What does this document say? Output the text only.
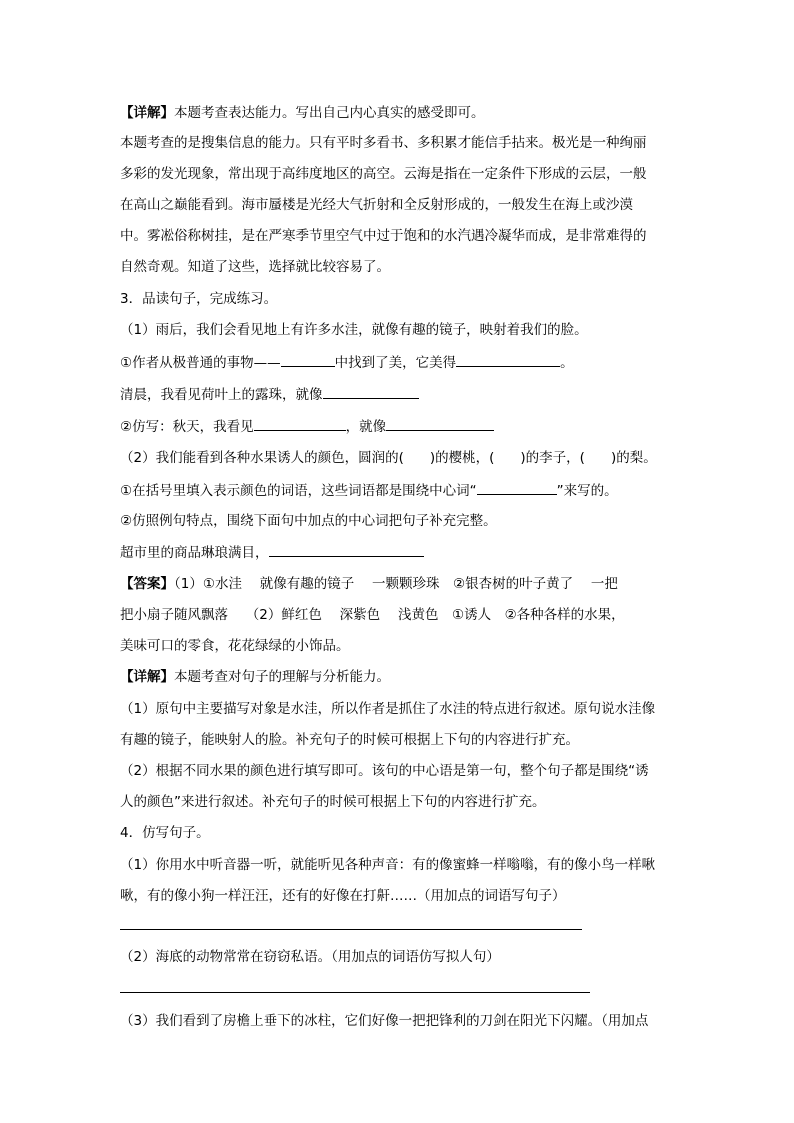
【详解】本题考查表达能力。写出自己内心真实的感受即可。
本题考查的是搜集信息的能力。只有平时多看书、多积累才能信手拈来。极光是一种绚丽
多彩的发光现象，常出现于高纬度地区的高空。云海是指在一定条件下形成的云层，一般
在高山之巅能看到。海市蜃楼是光经大气折射和全反射形成的，一般发生在海上或沙漠
中。雾凇俗称树挂，是在严寒季节里空气中过于饱和的水汽遇冷凝华而成，是非常难得的
自然奇观。知道了这些，选择就比较容易了。
3．品读句子，完成练习。
（1）雨后，我们会看见地上有许多水洼，就像有趣的镜子，映射着我们的脸。
①作者从极普通的事物——	中找到了美，它美得	。
清晨，我看见荷叶上的露珠，就像
②仿写：秋天，我看见	，就像
（2）我们能看到各种水果诱人的颜色，圆润的( )的樱桃，( )的李子，( )的梨。
①在括号里填入表示颜色的词语，这些词语都是围绕中心词“	”来写的。
②仿照例句特点，围绕下面句中加点的中心词把句子补充完整。
超市里的商品琳琅满目，
【答案】（1）①水洼　 就像有趣的镜子　 一颗颗珍珠　②银杏树的叶子黄了　 一把
把小扇子随风飘落　 （2）鲜红色　 深紫色　 浅黄色　①诱人　②各种各样的水果，
美味可口的零食，花花绿绿的小饰品。
【详解】本题考查对句子的理解与分析能力。
（1）原句中主要描写对象是水洼，所以作者是抓住了水洼的特点进行叙述。原句说水洼像
有趣的镜子，能映射人的脸。补充句子的时候可根据上下句的内容进行扩充。
（2）根据不同水果的颜色进行填写即可。该句的中心语是第一句，整个句子都是围绕“诱
人的颜色”来进行叙述。补充句子的时候可根据上下句的内容进行扩充。
4．仿写句子。
（1）你用水中听音器一听，就能听见各种声音：有的像蜜蜂一样嗡嗡，有的像小鸟一样啾
啾，有的像小狗一样汪汪，还有的好像在打鼾……（用加点的词语写句子）
（2）海底的动物常常在窃窃私语。（用加点的词语仿写拟人句）
（3）我们看到了房檐上垂下的冰柱，它们好像一把把锋利的刀剑在阳光下闪耀。（用加点
